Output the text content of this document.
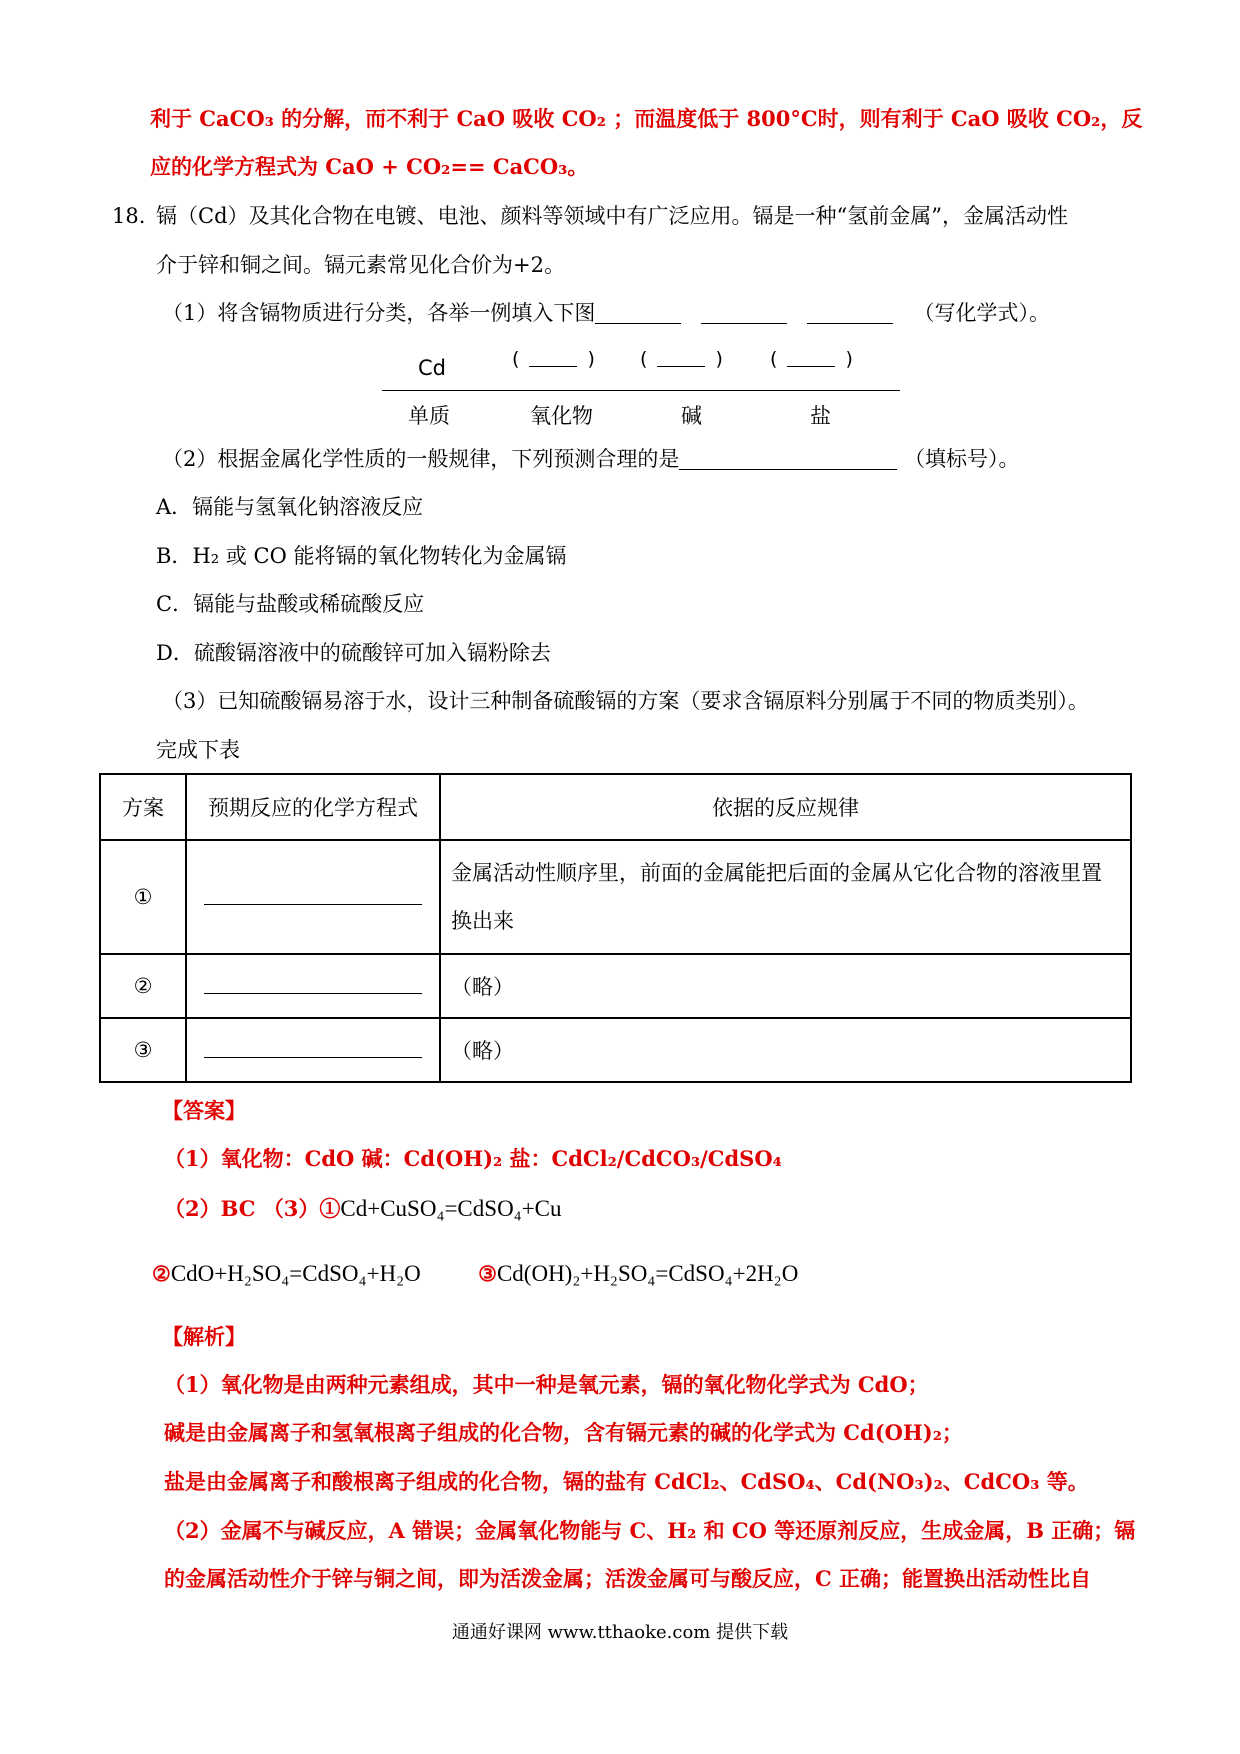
利于 CaCO₃ 的分解，而不利于 CaO 吸收 CO₂ ；而温度低于 800°C时，则有利于 CaO 吸收 CO₂，反
应的化学方程式为 CaO + CO₂== CaCO₃。
18. 镉（Cd）及其化合物在电镀、电池、颜料等领域中有广泛应用。镉是一种“氢前金属”，金属活动性
介于锌和铜之间。镉元素常见化合价为+2。
（1）将含镉物质进行分类，各举一例填入下图	（写化学式）。
Cd	(	) (	) (	)
单质	氧化物	碱	盐
（2）根据金属化学性质的一般规律，下列预测合理的是	（填标号）。
A．镉能与氢氧化钠溶液反应
B．H₂ 或 CO 能将镉的氧化物转化为金属镉
C．镉能与盐酸或稀硫酸反应
D．硫酸镉溶液中的硫酸锌可加入镉粉除去
（3）已知硫酸镉易溶于水，设计三种制备硫酸镉的方案（要求含镉原料分别属于不同的物质类别）。
完成下表
方案	预期反应的化学方程式	依据的反应规律
①		金属活动性顺序里，前面的金属能把后面的金属从它化合物的溶液里置
换出来

②		（略）
③		（略）
【答案】
（1）氧化物：CdO 碱：Cd(OH)₂ 盐：CdCl₂/CdCO₃/CdSO₄
（2）BC （3）①Cd+CuSO₄=CdSO₄+Cu
②CdO+H₂SO₄=CdSO₄+H₂O	③Cd(OH)₂+H₂SO₄=CdSO₄+2H₂O
【解析】
（1）氧化物是由两种元素组成，其中一种是氧元素，镉的氧化物化学式为 CdO；
碱是由金属离子和氢氧根离子组成的化合物，含有镉元素的碱的化学式为 Cd(OH)₂；
盐是由金属离子和酸根离子组成的化合物，镉的盐有 CdCl₂、CdSO₄、Cd(NO₃)₂、CdCO₃ 等。
（2）金属不与碱反应，A 错误；金属氧化物能与 C、H₂ 和 CO 等还原剂反应，生成金属，B 正确；镉
的金属活动性介于锌与铜之间，即为活泼金属；活泼金属可与酸反应，C 正确；能置换出活动性比自
通通好课网 www.tthaoke.com 提供下载
